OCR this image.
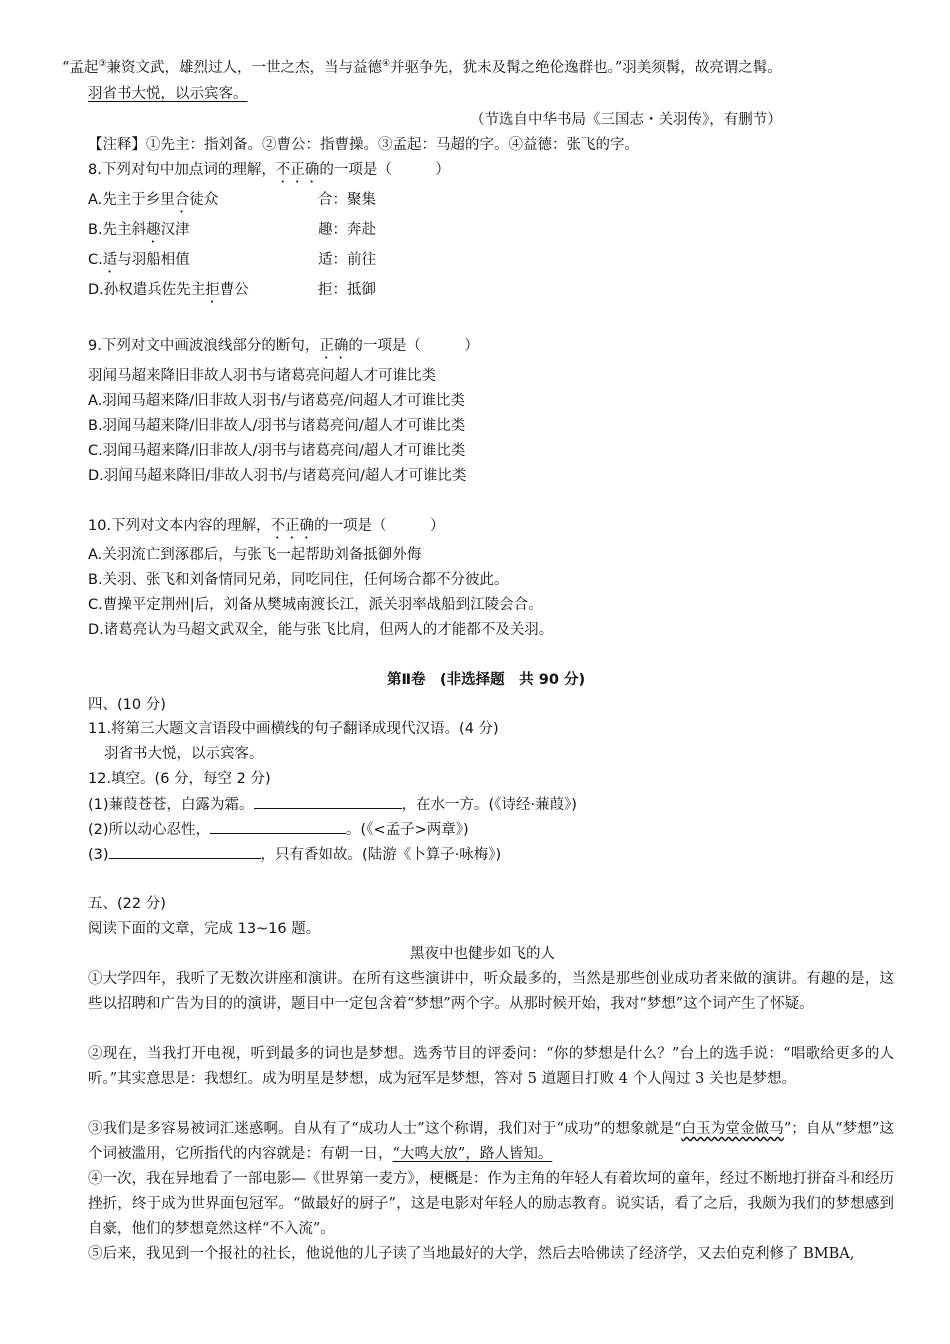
“孟起③兼资文武，雄烈过人，一世之杰，当与益德④并驱争先，犹未及髯之绝伦逸群也。”羽美须髯，故亮谓之髯。
羽省书大悦，以示宾客。
（节选自中华书局《三国志・关羽传》，有删节）
【注释】①先主：指刘备。②曹公：指曹操。③孟起：马超的字。④益德：张飞的字。
8.下列对句中加点词的理解，不正确的一项是（　　　）
A.先主于乡里合徒众	合：聚集
B.先主斜趣汉津	趣：奔赴
C.适与羽船相值	适：前往
D.孙权遣兵佐先主拒曹公	拒：抵御
9.下列对文中画波浪线部分的断句，正确的一项是（　　　）
羽闻马超来降旧非故人羽书与诸葛亮问超人才可谁比类
A.羽闻马超来降/旧非故人羽书/与诸葛亮/问超人才可谁比类
B.羽闻马超来降/旧非故人/羽书与诸葛亮问/超人才可谁比类
C.羽闻马超来降/旧非故人/羽书与诸葛亮问/超人才可谁比类
D.羽闻马超来降旧/非故人羽书/与诸葛亮问/超人才可谁比类
10.下列对文本内容的理解，不正确的一项是（　　　）
A.关羽流亡到涿郡后，与张飞一起帮助刘备抵御外侮
B.关羽、张飞和刘备情同兄弟，同吃同住，任何场合都不分彼此。
C.曹操平定荆州|后，刘备从樊城南渡长江，派关羽率战船到江陵会合。
D.诸葛亮认为马超文武双全，能与张飞比肩，但两人的才能都不及关羽。
第Ⅱ卷　(非选择题　共 90 分)
四、(10 分)
11.将第三大题文言语段中画横线的句子翻译成现代汉语。(4 分)
羽省书大悦，以示宾客。
12.填空。(6 分，每空 2 分)
(1)蒹葭苍苍，白露为霜。	，在水一方。(《诗经·蒹葭》)
(2)所以动心忍性，	。(《<孟子>两章》)
(3)	，只有香如故。(陆游《卜算子·咏梅》)
五、(22 分)
阅读下面的文章，完成 13~16 题。
黑夜中也健步如飞的人
①大学四年，我听了无数次讲座和演讲。在所有这些演讲中，听众最多的，当然是那些创业成功者来做的演讲。有趣的是，这些以招聘和广告为目的的演讲，题目中一定包含着“梦想”两个字。从那时候开始，我对“梦想”这个词产生了怀疑。
②现在，当我打开电视，听到最多的词也是梦想。选秀节目的评委问：“你的梦想是什么？”台上的选手说：“唱歌给更多的人听。”其实意思是：我想红。成为明星是梦想，成为冠军是梦想，答对 5 道题目打败 4 个人闯过 3 关也是梦想。
③我们是多容易被词汇迷惑啊。自从有了“成功人士”这个称谓，我们对于“成功”的想象就是“白玉为堂金做马”；自从“梦想”这个词被滥用，它所指代的内容就是：有朝一日，“大鸣大放”，路人皆知。
④一次，我在异地看了一部电影—《世界第一麦方》，梗概是：作为主角的年轻人有着坎坷的童年，经过不断地打拼奋斗和经历挫折，终于成为世界面包冠军。“做最好的厨子”，这是电影对年轻人的励志教育。说实话，看了之后，我颇为我们的梦想感到自豪，他们的梦想竟然这样“不入流”。
⑤后来，我见到一个报社的社长，他说他的儿子读了当地最好的大学，然后去哈佛读了经济学，又去伯克利修了 BMBA,
